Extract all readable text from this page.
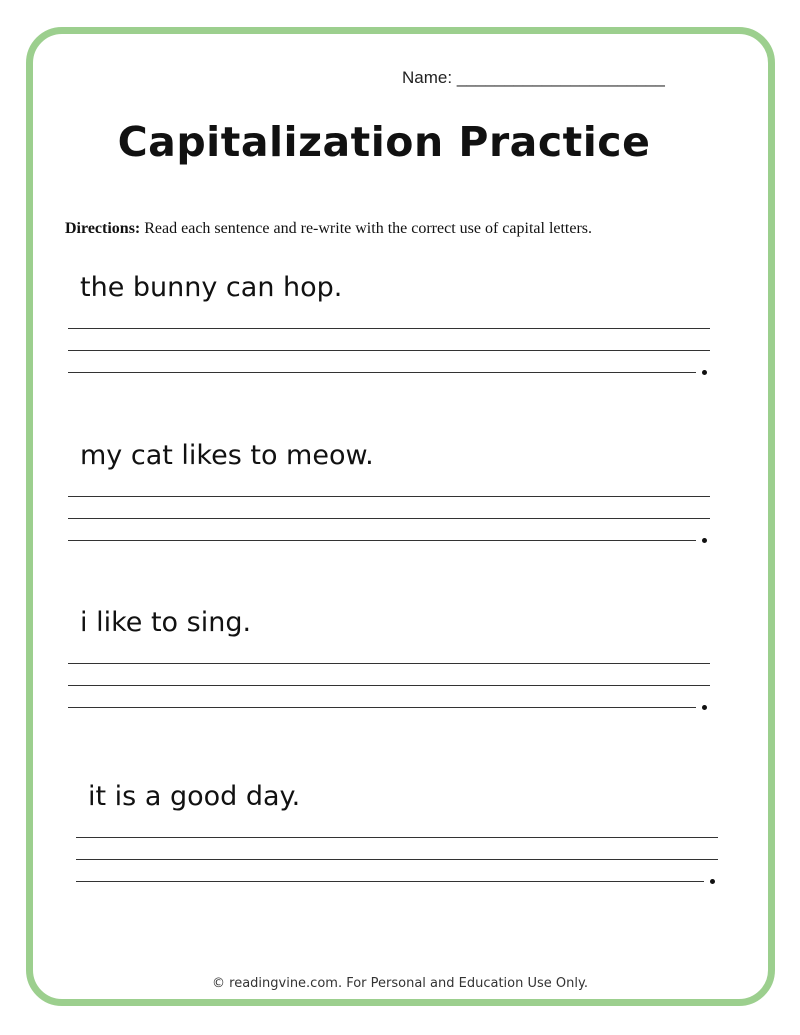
Name: ______________________
Capitalization Practice
Directions: Read each sentence and re-write with the correct use of capital letters.
the bunny can hop.
my cat likes to meow.
i like to sing.
it is a good day.
© readingvine.com. For Personal and Education Use Only.
